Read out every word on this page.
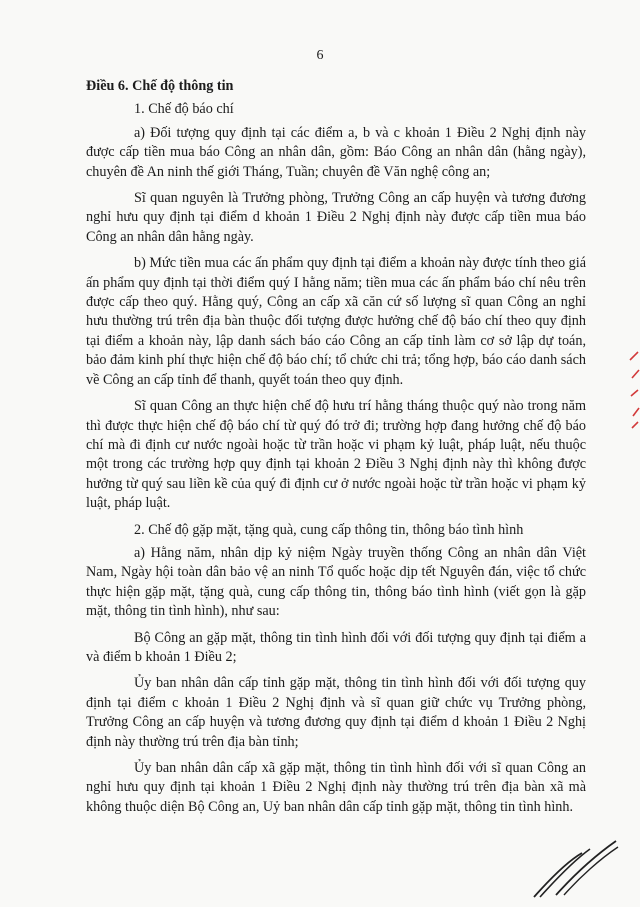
6

Điều 6. Chế độ thông tin

1. Chế độ báo chí

a) Đối tượng quy định tại các điểm a, b và c khoản 1 Điều 2 Nghị định này được cấp tiền mua báo Công an nhân dân, gồm: Báo Công an nhân dân (hằng ngày), chuyên đề An ninh thế giới Tháng, Tuần; chuyên đề Văn nghệ công an;

Sĩ quan nguyên là Trưởng phòng, Trưởng Công an cấp huyện và tương đương nghỉ hưu quy định tại điểm d khoản 1 Điều 2 Nghị định này được cấp tiền mua báo Công an nhân dân hằng ngày.

b) Mức tiền mua các ấn phẩm quy định tại điểm a khoản này được tính theo giá ấn phẩm quy định tại thời điểm quý I hằng năm; tiền mua các ấn phẩm báo chí nêu trên được cấp theo quý. Hằng quý, Công an cấp xã căn cứ số lượng sĩ quan Công an nghỉ hưu thường trú trên địa bàn thuộc đối tượng được hưởng chế độ báo chí theo quy định tại điểm a khoản này, lập danh sách báo cáo Công an cấp tỉnh làm cơ sở lập dự toán, bảo đảm kinh phí thực hiện chế độ báo chí; tổ chức chi trả; tổng hợp, báo cáo danh sách về Công an cấp tỉnh để thanh, quyết toán theo quy định.

Sĩ quan Công an thực hiện chế độ hưu trí hằng tháng thuộc quý nào trong năm thì được thực hiện chế độ báo chí từ quý đó trở đi; trường hợp đang hưởng chế độ báo chí mà đi định cư nước ngoài hoặc từ trần hoặc vi phạm kỷ luật, pháp luật, nếu thuộc một trong các trường hợp quy định tại khoản 2 Điều 3 Nghị định này thì không được hưởng từ quý sau liền kề của quý đi định cư ở nước ngoài hoặc từ trần hoặc vi phạm kỷ luật, pháp luật.

2. Chế độ gặp mặt, tặng quà, cung cấp thông tin, thông báo tình hình

a) Hằng năm, nhân dịp kỷ niệm Ngày truyền thống Công an nhân dân Việt Nam, Ngày hội toàn dân bảo vệ an ninh Tổ quốc hoặc dịp tết Nguyên đán, việc tổ chức thực hiện gặp mặt, tặng quà, cung cấp thông tin, thông báo tình hình (viết gọn là gặp mặt, thông tin tình hình), như sau:

Bộ Công an gặp mặt, thông tin tình hình đối với đối tượng quy định tại điểm a và điểm b khoản 1 Điều 2;

Ủy ban nhân dân cấp tỉnh gặp mặt, thông tin tình hình đối với đối tượng quy định tại điểm c khoản 1 Điều 2 Nghị định và sĩ quan giữ chức vụ Trưởng phòng, Trưởng Công an cấp huyện và tương đương quy định tại điểm d khoản 1 Điều 2 Nghị định này thường trú trên địa bàn tỉnh;

Ủy ban nhân dân cấp xã gặp mặt, thông tin tình hình đối với sĩ quan Công an nghỉ hưu quy định tại khoản 1 Điều 2 Nghị định này thường trú trên địa bàn xã mà không thuộc diện Bộ Công an, Uỷ ban nhân dân cấp tỉnh gặp mặt, thông tin tình hình.
